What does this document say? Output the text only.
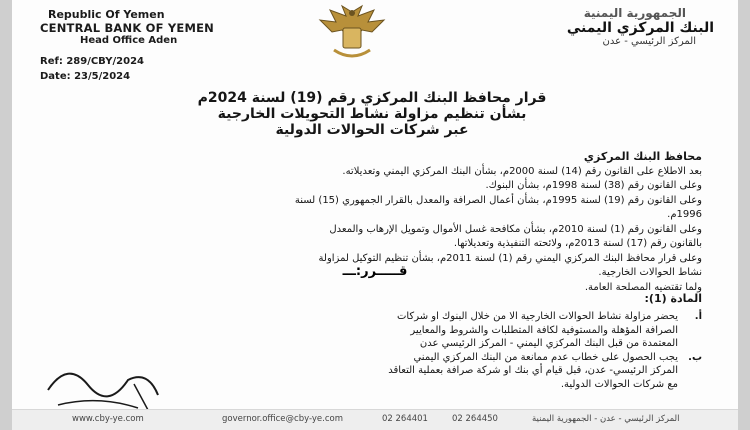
Republic Of Yemen
CENTRAL BANK OF YEMEN
Head Office Aden
Ref: 289/CBY/2024
Date: 23/5/2024
الجمهورية اليمنية
البنك المركزي اليمني
المركز الرئيسي - عدن
قرار محافظ البنك المركزي رقم (19) لسنة 2024م
بشأن تنظيم مزاولة نشاط التحويلات الخارجية
عبر شركات الحوالات الدولية
محافظ البنك المركزي
بعد الاطلاع على القانون رقم (14) لسنة 2000م، بشأن البنك المركزي اليمني وتعديلاته.
وعلى القانون رقم (38) لسنة 1998م، بشأن البنوك.
وعلى القانون رقم (19) لسنة 1995م، بشأن أعمال الصرافة والمعدل بالقرار الجمهوري (15) لسنة
1996م.
وعلى القانون رقم (1) لسنة 2010م، بشأن مكافحة غسل الأموال وتمويل الإرهاب والمعدل
بالقانون رقم (17) لسنة 2013م، ولائحته التنفيذية وتعديلاتها.
وعلى قرار محافظ البنك المركزي اليمني رقم (1) لسنة 2011م، بشأن تنظيم التوكيل لمزاولة
نشاط الحوالات الخارجية.
ولما تقتضيه المصلحة العامة.
قـــــرر:ـــ
المادة (1):
أ.
يحضر مزاولة نشاط الحوالات الخارجية الا من خلال البنوك او شركات
الصرافة المؤهلة والمستوفية لكافة المتطلبات والشروط والمعايير
المعتمدة من قبل البنك المركزي اليمني - المركز الرئيسي عدن
ب.
يجب الحصول على خطاب عدم ممانعة من البنك المركزي اليمني
المركز الرئيسي- عدن، قبل قيام أي بنك او شركة صرافة بعملية التعاقد
مع شركات الحوالات الدولية.
www.cby-ye.com	governor.office@cby-ye.com	02 264401	02 264450	المركز الرئيسي - عدن - الجمهورية اليمنية
